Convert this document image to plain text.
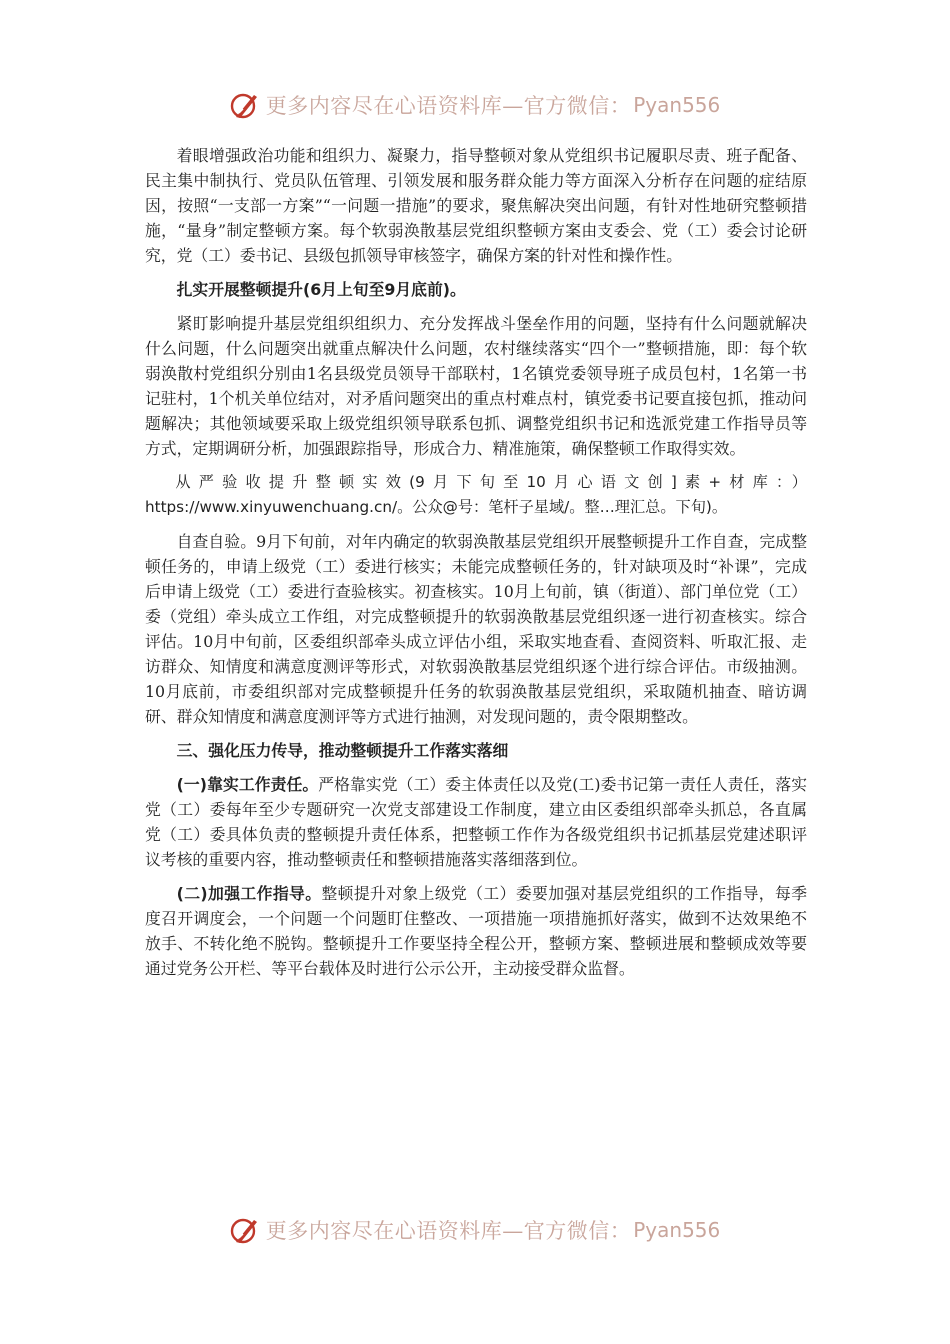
更多内容尽在心语资料库—官方微信： Pyan556

着眼增强政治功能和组织力、凝聚力，指导整顿对象从党组织书记履职尽责、班子配备、民主集中制执行、党员队伍管理、引领发展和服务群众能力等方面深入分析存在问题的症结原因，按照“一支部一方案”“一问题一措施”的要求，聚焦解决突出问题，有针对性地研究整顿措施，“量身”制定整顿方案。每个软弱涣散基层党组织整顿方案由支委会、党（工）委会讨论研究，党（工）委书记、县级包抓领导审核签字，确保方案的针对性和操作性。

扎实开展整顿提升(6月上旬至9月底前)。

紧盯影响提升基层党组织组织力、充分发挥战斗堡垒作用的问题，坚持有什么问题就解决什么问题，什么问题突出就重点解决什么问题，农村继续落实“四个一”整顿措施，即：每个软弱涣散村党组织分别由1名县级党员领导干部联村，1名镇党委领导班子成员包村，1名第一书记驻村，1个机关单位结对，对矛盾问题突出的重点村难点村，镇党委书记要直接包抓，推动问题解决；其他领域要采取上级党组织领导联系包抓、调整党组织书记和选派党建工作指导员等方式，定期调研分析，加强跟踪指导，形成合力、精准施策，确保整顿工作取得实效。

从严验收提升整顿实效(9月下旬至10月心语文创]素+材库：）https://www.xinyuwenchuang.cn/。公众@号：笔杆子星域/。整…理汇总。下旬)。

自查自验。9月下旬前，对年内确定的软弱涣散基层党组织开展整顿提升工作自查，完成整顿任务的，申请上级党（工）委进行核实；未能完成整顿任务的，针对缺项及时“补课”，完成后申请上级党（工）委进行查验核实。初查核实。10月上旬前，镇（街道）、部门单位党（工）委（党组）牵头成立工作组，对完成整顿提升的软弱涣散基层党组织逐一进行初查核实。综合评估。10月中旬前，区委组织部牵头成立评估小组，采取实地查看、查阅资料、听取汇报、走访群众、知情度和满意度测评等形式，对软弱涣散基层党组织逐个进行综合评估。市级抽测。10月底前，市委组织部对完成整顿提升任务的软弱涣散基层党组织，采取随机抽查、暗访调研、群众知情度和满意度测评等方式进行抽测，对发现问题的，责令限期整改。

三、强化压力传导，推动整顿提升工作落实落细

(一)靠实工作责任。严格靠实党（工）委主体责任以及党(工)委书记第一责任人责任，落实党（工）委每年至少专题研究一次党支部建设工作制度，建立由区委组织部牵头抓总，各直属党（工）委具体负责的整顿提升责任体系，把整顿工作作为各级党组织书记抓基层党建述职评议考核的重要内容，推动整顿责任和整顿措施落实落细落到位。

(二)加强工作指导。整顿提升对象上级党（工）委要加强对基层党组织的工作指导，每季度召开调度会，一个问题一个问题盯住整改、一项措施一项措施抓好落实，做到不达效果绝不放手、不转化绝不脱钩。整顿提升工作要坚持全程公开，整顿方案、整顿进展和整顿成效等要通过党务公开栏、等平台载体及时进行公示公开，主动接受群众监督。

更多内容尽在心语资料库—官方微信： Pyan556
